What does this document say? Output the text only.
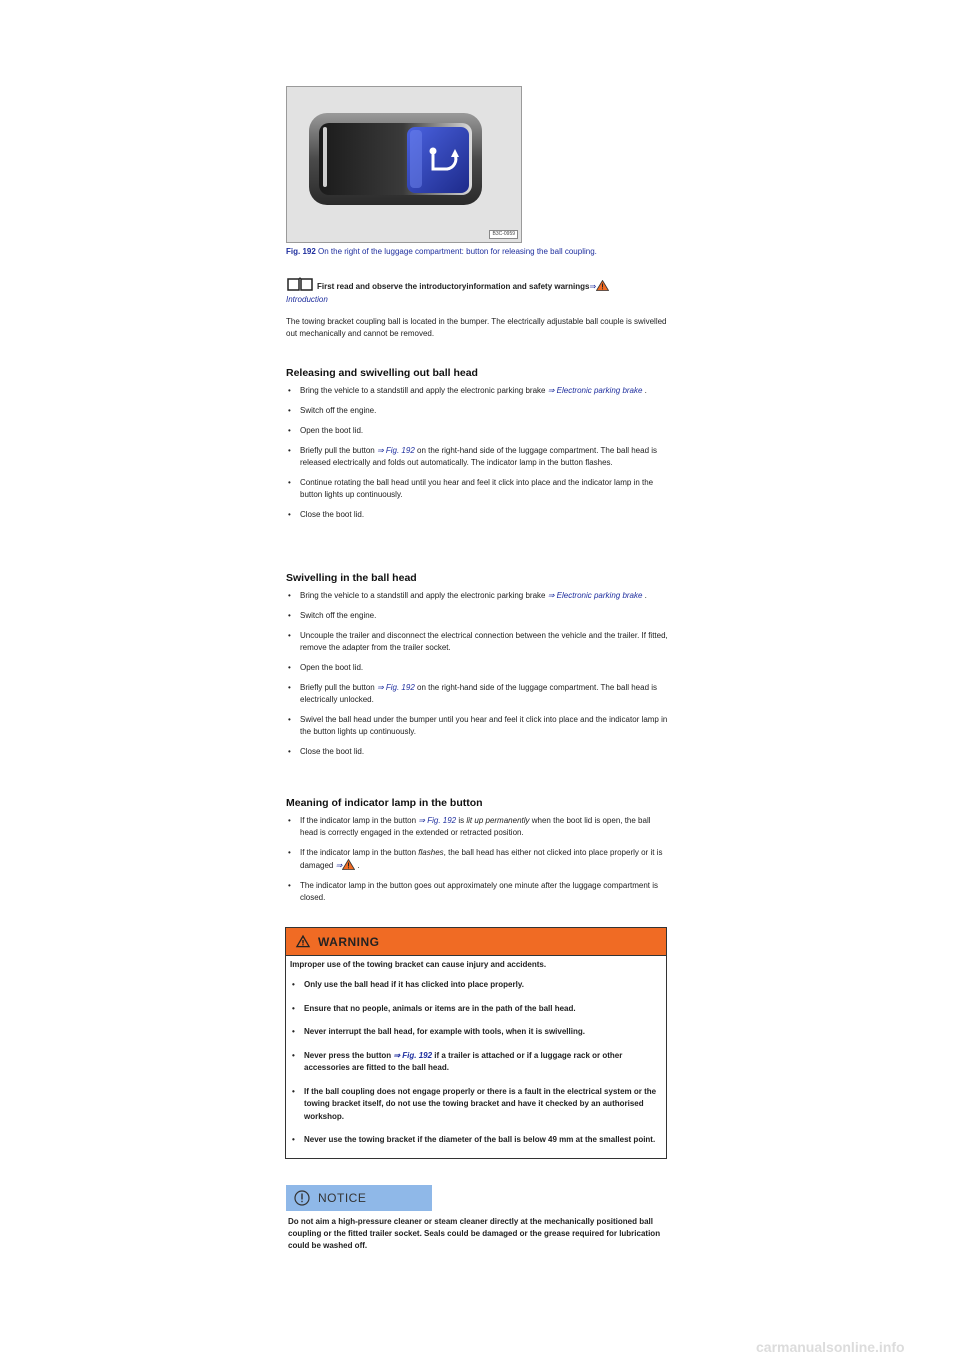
B3C-0959
Fig. 192 On the right of the luggage compartment: button for releasing the ball coupling.
First read and observe the introductoryinformation and safety warnings⇒
Introduction
The towing bracket coupling ball is located in the bumper. The electrically adjustable ball couple is swivelled out mechanically and cannot be removed.
Releasing and swivelling out ball head
• Bring the vehicle to a standstill and apply the electronic parking brake ⇒ Electronic parking brake .
• Switch off the engine.
• Open the boot lid.
• Briefly pull the button ⇒ Fig. 192 on the right-hand side of the luggage compartment. The ball head is released electrically and folds out automatically. The indicator lamp in the button flashes.
• Continue rotating the ball head until you hear and feel it click into place and the indicator lamp in the button lights up continuously.
• Close the boot lid.
Swivelling in the ball head
• Bring the vehicle to a standstill and apply the electronic parking brake ⇒ Electronic parking brake .
• Switch off the engine.
• Uncouple the trailer and disconnect the electrical connection between the vehicle and the trailer. If fitted, remove the adapter from the trailer socket.
• Open the boot lid.
• Briefly pull the button ⇒ Fig. 192 on the right-hand side of the luggage compartment. The ball head is electrically unlocked.
• Swivel the ball head under the bumper until you hear and feel it click into place and the indicator lamp in the button lights up continuously.
• Close the boot lid.
Meaning of indicator lamp in the button
• If the indicator lamp in the button ⇒ Fig. 192 is lit up permanently when the boot lid is open, the ball head is correctly engaged in the extended or retracted position.
• If the indicator lamp in the button flashes, the ball head has either not clicked into place properly or it is damaged ⇒ .
• The indicator lamp in the button goes out approximately one minute after the luggage compartment is closed.
WARNING
Improper use of the towing bracket can cause injury and accidents.
• Only use the ball head if it has clicked into place properly.
• Ensure that no people, animals or items are in the path of the ball head.
• Never interrupt the ball head, for example with tools, when it is swivelling.
• Never press the button ⇒ Fig. 192 if a trailer is attached or if a luggage rack or other accessories are fitted to the ball head.
• If the ball coupling does not engage properly or there is a fault in the electrical system or the towing bracket itself, do not use the towing bracket and have it checked by an authorised workshop.
• Never use the towing bracket if the diameter of the ball is below 49 mm at the smallest point.
NOTICE
Do not aim a high-pressure cleaner or steam cleaner directly at the mechanically positioned ball coupling or the fitted trailer socket. Seals could be damaged or the grease required for lubrication could be washed off.
carmanualsonline.info
